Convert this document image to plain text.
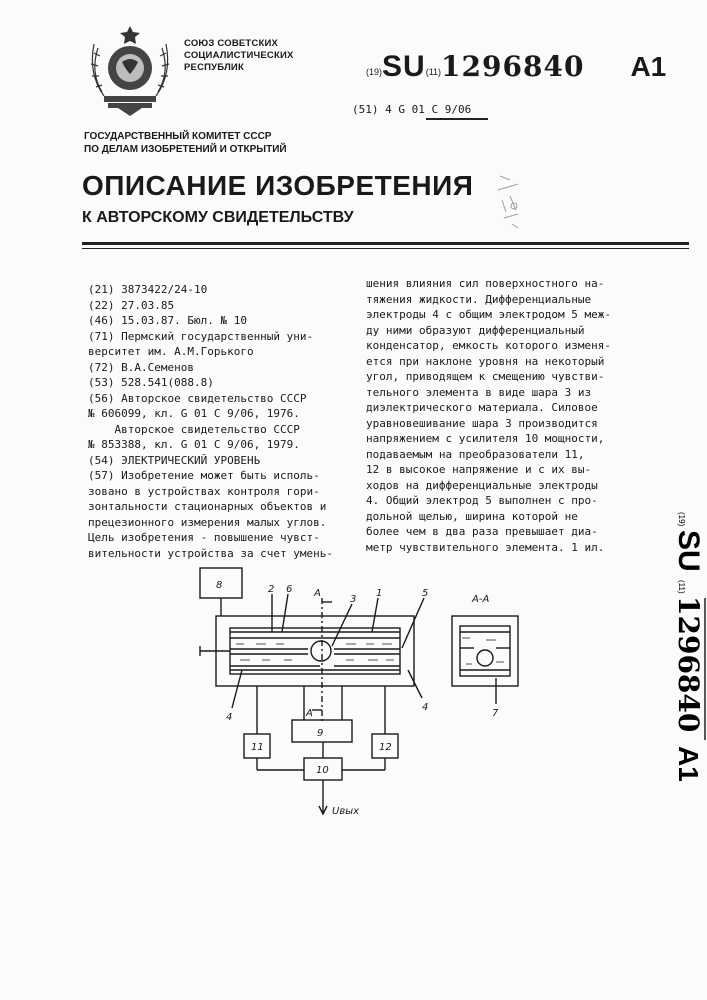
СОЮЗ СОВЕТСКИХ
СОЦИАЛИСТИЧЕСКИХ
РЕСПУБЛИК	(19)SU(11)1296840 A1
(51) 4 G 01 C 9/06
ГОСУДАРСТВЕННЫЙ КОМИТЕТ СССР
ПО ДЕЛАМ ИЗОБРЕТЕНИЙ И ОТКРЫТИЙ
ОПИСАНИЕ ИЗОБРЕТЕНИЯ
К АВТОРСКОМУ СВИДЕТЕЛЬСТВУ
(21) 3873422/24-10
(22) 27.03.85
(46) 15.03.87. Бюл. № 10
(71) Пермский государственный уни-
верситет им. А.М.Горького
(72) В.А.Семенов
(53) 528.541(088.8)
(56) Авторское свидетельство СССР
№ 606099, кл. G 01 C 9/06, 1976.
Авторское свидетельство СССР
№ 853388, кл. G 01 C 9/06, 1979.
(54) ЭЛЕКТРИЧЕСКИЙ УРОВЕНЬ
(57) Изобретение может быть исполь-
зовано в устройствах контроля гори-
зонтальности стационарных объектов и
прецезионного измерения малых углов.
Цель изобретения - повышение чувст-
вительности устройства за счет умень-
шения влияния сил поверхностного на-
тяжения жидкости. Дифференциальные
электроды 4 с общим электродом 5 меж-
ду ними образуют дифференциальный
конденсатор, емкость которого изменя-
ется при наклоне уровня на некоторый
угол, приводящем к смещению чувстви-
тельного элемента в виде шара 3 из
диэлектрического материала. Силовое
уравновешивание шара 3 производится
напряжением с усилителя 10 мощности,
подаваемым на преобразователи 11,
12 в высокое напряжение и с их вы-
ходов на дифференциальные электроды
4. Общий электрод 5 выполнен с про-
дольной щелью, ширина которой не
более чем в два раза превышает диа-
метр чувствительного элемента. 1 ил.
(19)
SU
(11)
1296840
A1
8
9
10
11	12
2 6 A
3
1	5
4
4
A
А-А
7
Uвых
